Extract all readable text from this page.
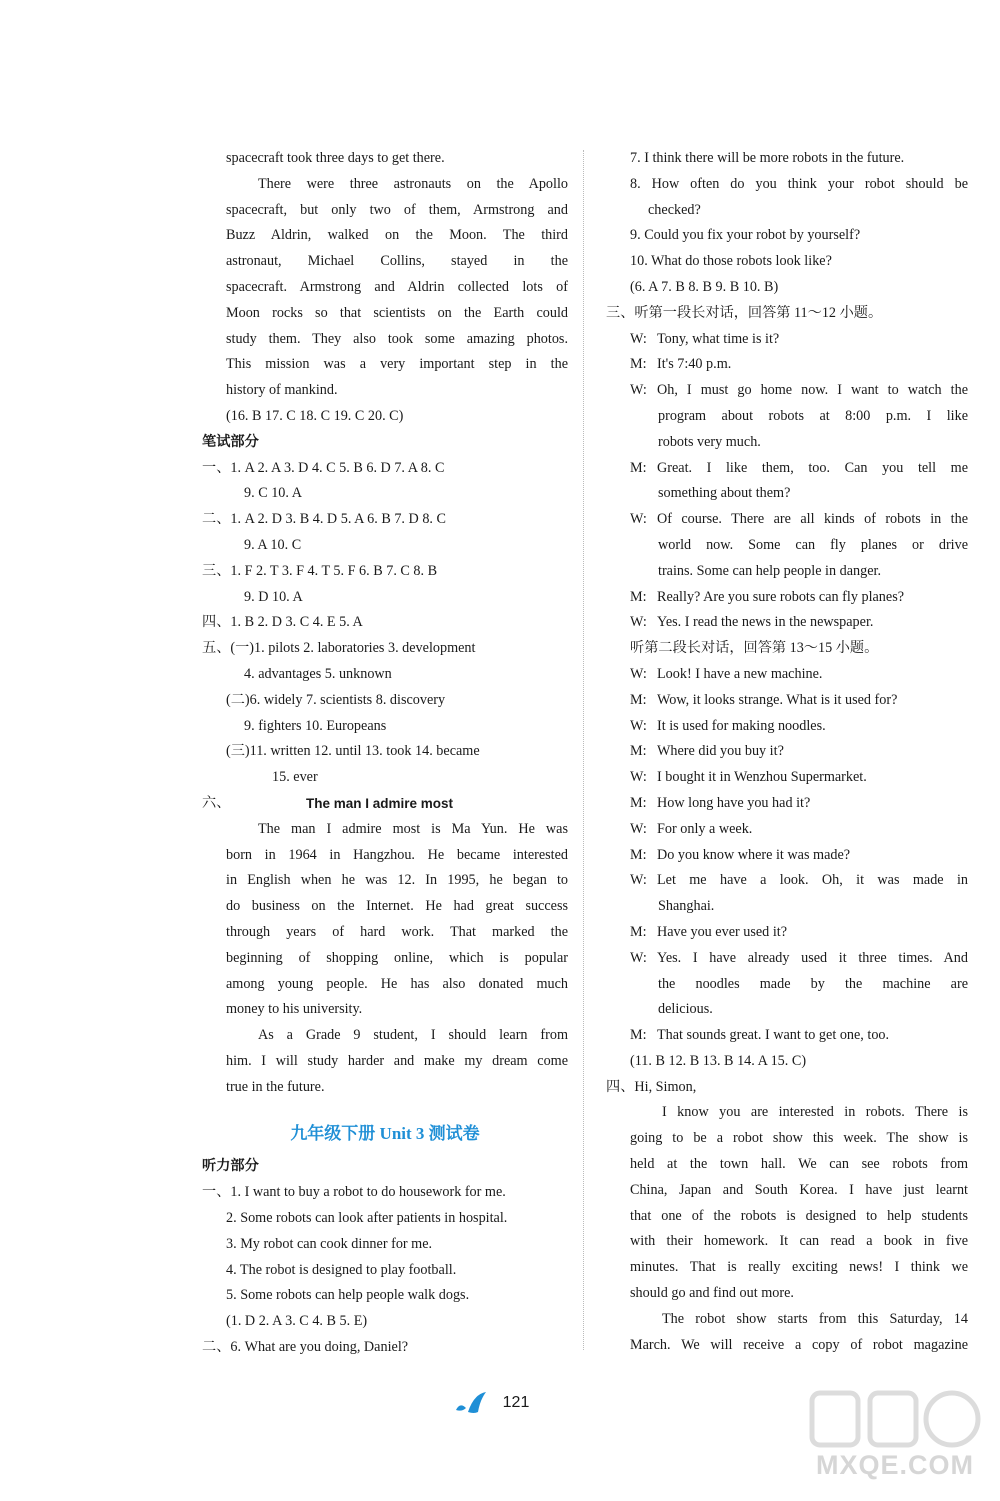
spacecraft took three days to get there.
There were three astronauts on the Apollo
spacecraft, but only two of them, Armstrong and
Buzz Aldrin, walked on the Moon. The third
astronaut, Michael Collins, stayed in the
spacecraft. Armstrong and Aldrin collected lots of
Moon rocks so that scientists on the Earth could
study them. They also took some amazing photos.
This mission was a very important step in the
history of mankind.
(16. B 17. C 18. C 19. C 20. C)
笔试部分
一、1. A 2. A 3. D 4. C 5. B 6. D 7. A 8. C
9. C 10. A
二、1. A 2. D 3. B 4. D 5. A 6. B 7. D 8. C
9. A 10. C
三、1. F 2. T 3. F 4. T 5. F 6. B 7. C 8. B
9. D 10. A
四、1. B 2. D 3. C 4. E 5. A
五、(一)1. pilots 2. laboratories 3. development
4. advantages 5. unknown
(二)6. widely 7. scientists 8. discovery
9. fighters 10. Europeans
(三)11. written 12. until 13. took 14. became
15. ever
六、	The man I admire most
The man I admire most is Ma Yun. He was
born in 1964 in Hangzhou. He became interested
in English when he was 12. In 1995, he began to
do business on the Internet. He had great success
through years of hard work. That marked the
beginning of shopping online, which is popular
among young people. He has also donated much
money to his university.
As a Grade 9 student, I should learn from
him. I will study harder and make my dream come
true in the future.
九年级下册 Unit 3 测试卷
听力部分
一、1. I want to buy a robot to do housework for me.
2. Some robots can look after patients in hospital.
3. My robot can cook dinner for me.
4. The robot is designed to play football.
5. Some robots can help people walk dogs.
(1. D 2. A 3. C 4. B 5. E)
二、6. What are you doing, Daniel?
7. I think there will be more robots in the future.
8. How often do you think your robot should be
checked?
9. Could you fix your robot by yourself?
10. What do those robots look like?
(6. A 7. B 8. B 9. B 10. B)
三、听第一段长对话，回答第 11～12 小题。
W: Tony, what time is it?
M: It's 7:40 p.m.
W: Oh, I must go home now. I want to watch the
program about robots at 8:00 p.m. I like
robots very much.
M: Great. I like them, too. Can you tell me
something about them?
W: Of course. There are all kinds of robots in the
world now. Some can fly planes or drive
trains. Some can help people in danger.
M: Really? Are you sure robots can fly planes?
W: Yes. I read the news in the newspaper.
听第二段长对话，回答第 13～15 小题。
W: Look! I have a new machine.
M: Wow, it looks strange. What is it used for?
W: It is used for making noodles.
M: Where did you buy it?
W: I bought it in Wenzhou Supermarket.
M: How long have you had it?
W: For only a week.
M: Do you know where it was made?
W: Let me have a look. Oh, it was made in
Shanghai.
M: Have you ever used it?
W: Yes. I have already used it three times. And
the noodles made by the machine are
delicious.
M: That sounds great. I want to get one, too.
(11. B 12. B 13. B 14. A 15. C)
四、Hi, Simon,
I know you are interested in robots. There is
going to be a robot show this week. The show is
held at the town hall. We can see robots from
China, Japan and South Korea. I have just learnt
that one of the robots is designed to help students
with their homework. It can read a book in five
minutes. That is really exciting news! I think we
should go and find out more.
The robot show starts from this Saturday, 14
March. We will receive a copy of robot magazine
121
MXQE.COM
